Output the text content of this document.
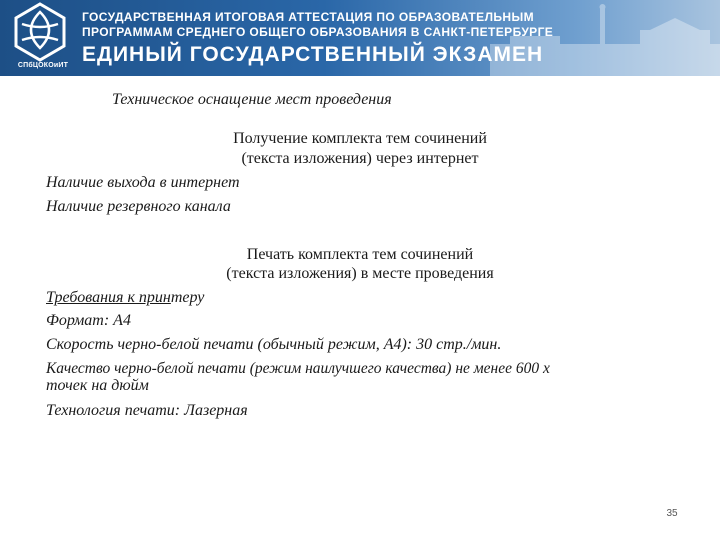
СПбЦОКОиИТ
ГОСУДАРСТВЕННАЯ ИТОГОВАЯ АТТЕСТАЦИЯ ПО ОБРАЗОВАТЕЛЬНЫМ
ПРОГРАММАМ СРЕДНЕГО ОБЩЕГО ОБРАЗОВАНИЯ В САНКТ-ПЕТЕРБУРГЕ
ЕДИНЫЙ ГОСУДАРСТВЕННЫЙ ЭКЗАМЕН
Техническое оснащение мест проведения
Получение комплекта тем сочинений
(текста изложения) через интернет
Наличие выхода в интернет
Наличие резервного канала
Печать комплекта тем сочинений
(текста изложения) в месте проведения
Требования к принтеру
Формат: А4
Скорость черно-белой печати (обычный режим, А4): 30 стр./мин.
Качество черно-белой печати (режим наилучшего качества) не менее 600 х
точек на дюйм
Технология печати: Лазерная
35
